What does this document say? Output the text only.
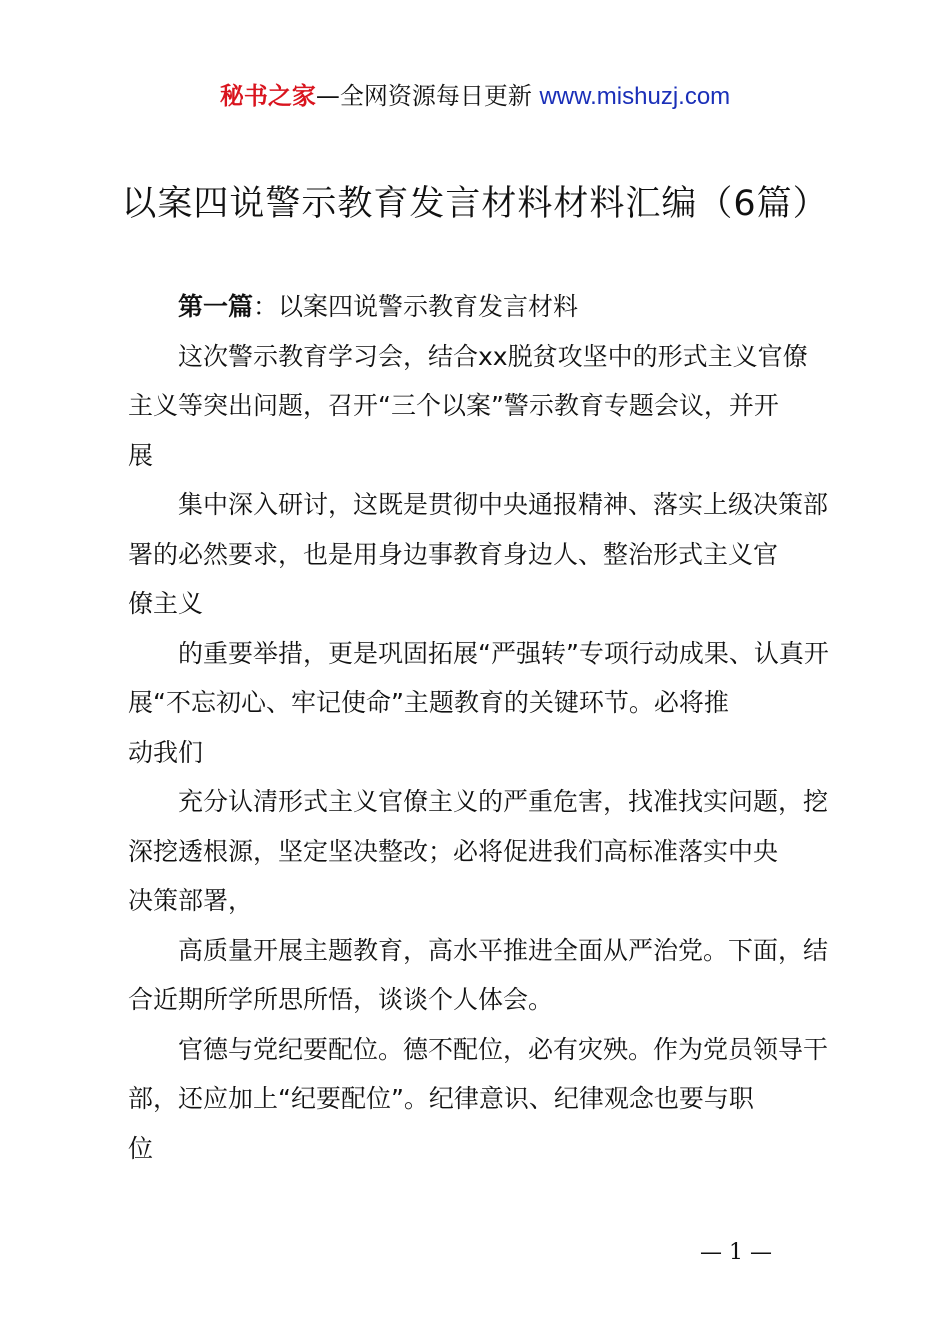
秘书之家—全网资源每日更新 www.mishuzj.com
以案四说警示教育发言材料材料汇编（6篇）

第一篇：以案四说警示教育发言材料

这次警示教育学习会，结合xx脱贫攻坚中的形式主义官僚主义等突出问题，召开“三个以案”警示教育专题会议，并开

展

集中深入研讨，这既是贯彻中央通报精神、落实上级决策部署的必然要求，也是用身边事教育身边人、整治形式主义官

僚主义

的重要举措，更是巩固拓展“严强转”专项行动成果、认真开展“不忘初心、牢记使命”主题教育的关键环节。必将推

动我们

充分认清形式主义官僚主义的严重危害，找准找实问题，挖深挖透根源，坚定坚决整改；必将促进我们高标准落实中央

决策部署，

高质量开展主题教育，高水平推进全面从严治党。下面，结合近期所学所思所悟，谈谈个人体会。

官德与党纪要配位。德不配位，必有灾殃。作为党员领导干部，还应加上“纪要配位”。纪律意识、纪律观念也要与职

位

— 1 —
